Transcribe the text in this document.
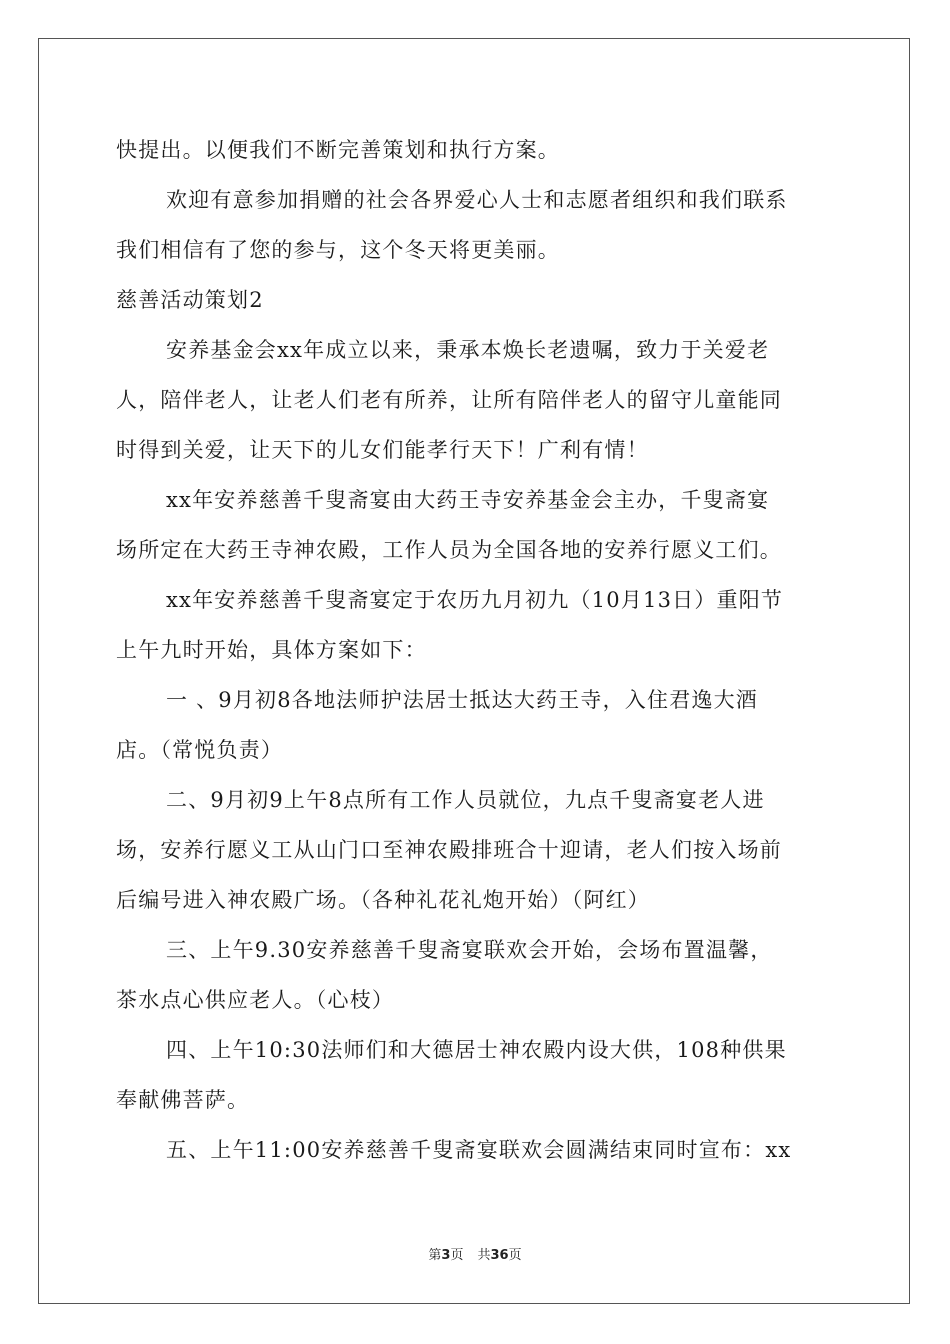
快提出。以便我们不断完善策划和执行方案。
欢迎有意参加捐赠的社会各界爱心人士和志愿者组织和我们联系
我们相信有了您的参与，这个冬天将更美丽。
慈善活动策划2
安养基金会xx年成立以来，秉承本焕长老遗嘱，致力于关爱老
人，陪伴老人，让老人们老有所养，让所有陪伴老人的留守儿童能同
时得到关爱，让天下的儿女们能孝行天下！广利有情！
xx年安养慈善千叟斋宴由大药王寺安养基金会主办，千叟斋宴
场所定在大药王寺神农殿，工作人员为全国各地的安养行愿义工们。
xx年安养慈善千叟斋宴定于农历九月初九（10月13日）重阳节
上午九时开始，具体方案如下：
一 、9月初8各地法师护法居士抵达大药王寺，入住君逸大酒
店。（常悦负责）
二、9月初9上午8点所有工作人员就位，九点千叟斋宴老人进
场，安养行愿义工从山门口至神农殿排班合十迎请，老人们按入场前
后编号进入神农殿广场。（各种礼花礼炮开始）（阿红）
三、上午9.30安养慈善千叟斋宴联欢会开始，会场布置温馨，
茶水点心供应老人。（心枝）
四、上午10:30法师们和大德居士神农殿内设大供，108种供果
奉献佛菩萨。
五、上午11:00安养慈善千叟斋宴联欢会圆满结束同时宣布：xx
第3页 共36页
